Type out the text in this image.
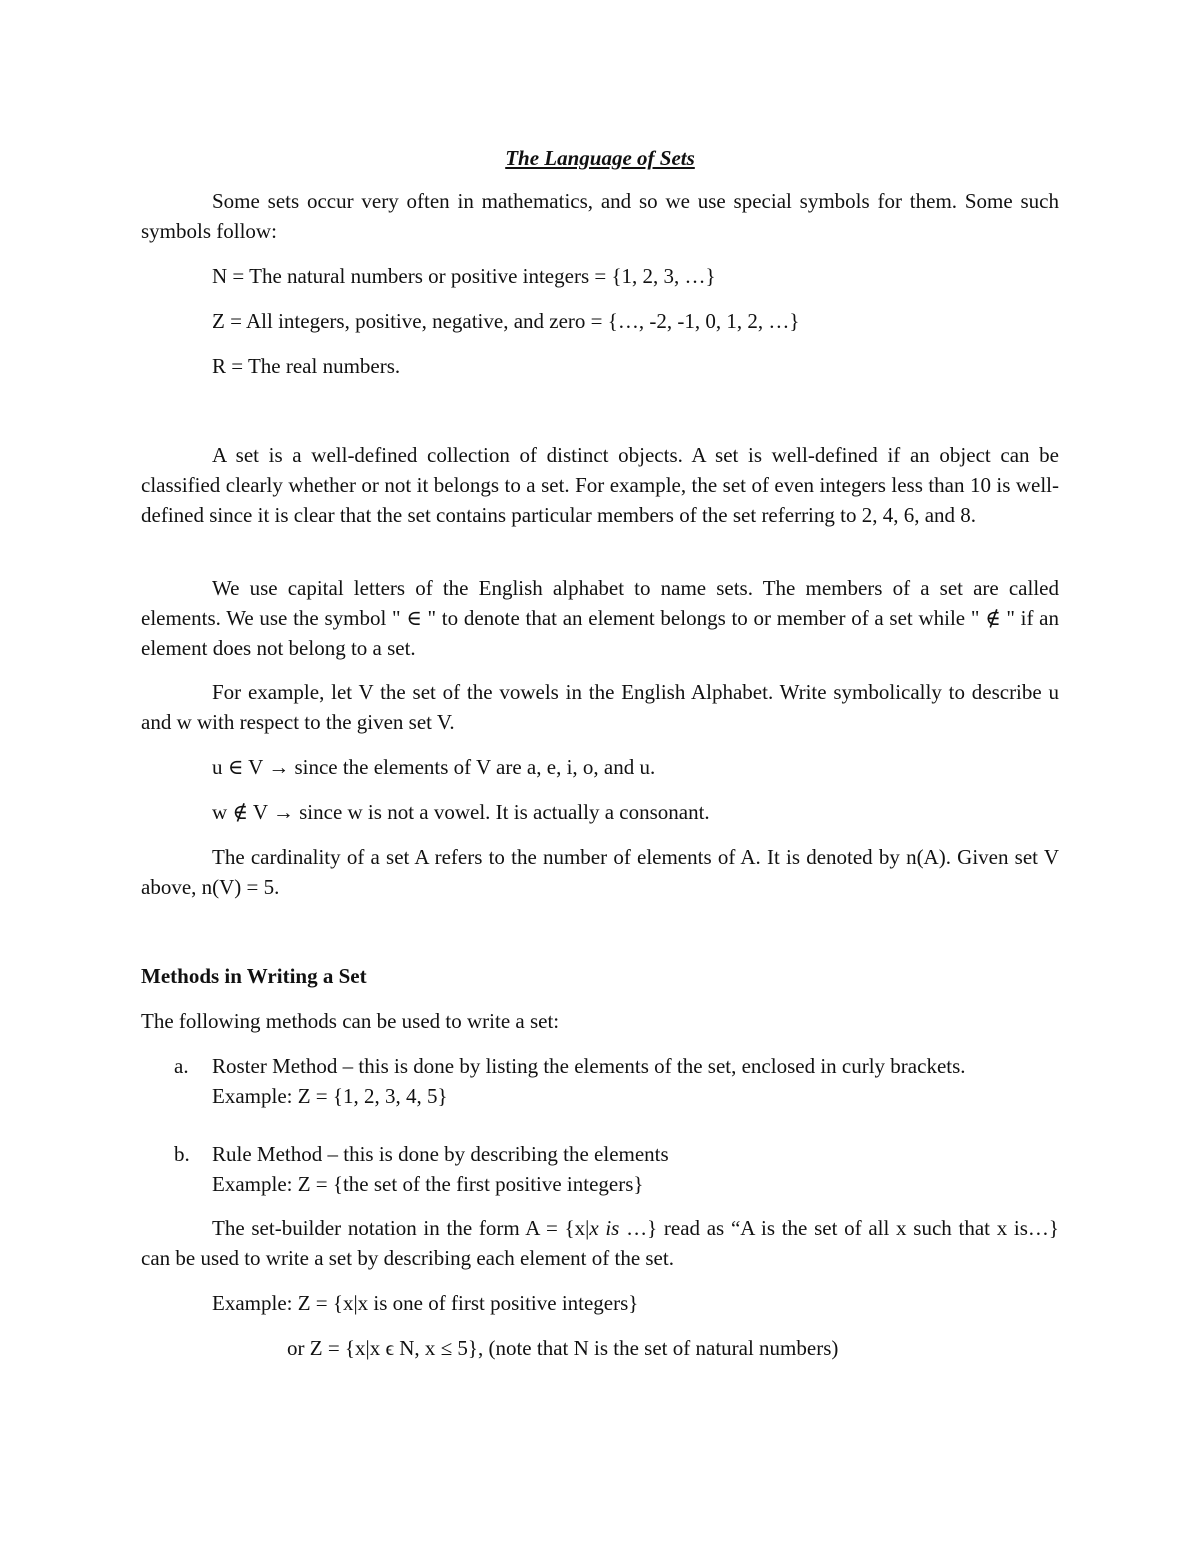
The Language of Sets
Some sets occur very often in mathematics, and so we use special symbols for them. Some such symbols follow:
N = The natural numbers or positive integers = {1, 2, 3, …}
Z = All integers, positive, negative, and zero = {…, -2, -1, 0, 1, 2, …}
R = The real numbers.
A set is a well-defined collection of distinct objects. A set is well-defined if an object can be classified clearly whether or not it belongs to a set. For example, the set of even integers less than 10 is well-defined since it is clear that the set contains particular members of the set referring to 2, 4, 6, and 8.
We use capital letters of the English alphabet to name sets. The members of a set are called elements. We use the symbol " ∈ " to denote that an element belongs to or member of a set while " ∉ " if an element does not belong to a set.
For example, let V the set of the vowels in the English Alphabet. Write symbolically to describe u and w with respect to the given set V.
u ∈ V → since the elements of V are a, e, i, o, and u.
w ∉ V → since w is not a vowel. It is actually a consonant.
The cardinality of a set A refers to the number of elements of A. It is denoted by n(A). Given set V above, n(V) = 5.
Methods in Writing a Set
The following methods can be used to write a set:
a. Roster Method – this is done by listing the elements of the set, enclosed in curly brackets.
Example: Z = {1, 2, 3, 4, 5}
b. Rule Method – this is done by describing the elements
Example: Z = {the set of the first positive integers}
The set-builder notation in the form A = {x|x is …} read as “A is the set of all x such that x is…} can be used to write a set by describing each element of the set.
Example: Z = {x|x is one of first positive integers}
or Z = {x|x ϵ N, x ≤ 5}, (note that N is the set of natural numbers)
